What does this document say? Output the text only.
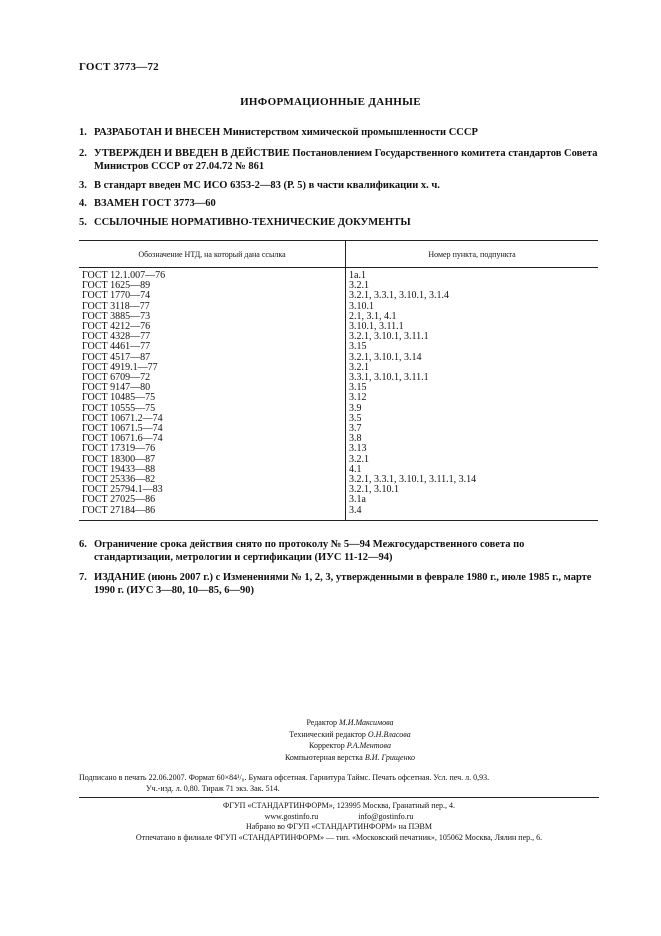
ГОСТ 3773—72
ИНФОРМАЦИОННЫЕ ДАННЫЕ
1. РАЗРАБОТАН И ВНЕСЕН Министерством химической промышленности СССР
2. УТВЕРЖДЕН И ВВЕДЕН В ДЕЙСТВИЕ Постановлением Государственного комитета стандартов Совета Министров СССР от 27.04.72 № 861
3. В стандарт введен МС ИСО 6353-2—83 (Р. 5) в части квалификации х. ч.
4. ВЗАМЕН ГОСТ 3773—60
5. ССЫЛОЧНЫЕ НОРМАТИВНО-ТЕХНИЧЕСКИЕ ДОКУМЕНТЫ
Обозначение НТД, на который дана ссылка	Номер пункта, подпункта
ГОСТ 12.1.007—76	1а.1
ГОСТ 1625—89	3.2.1
ГОСТ 1770—74	3.2.1, 3.3.1, 3.10.1, 3.1.4
ГОСТ 3118—77	3.10.1
ГОСТ 3885—73	2.1, 3.1, 4.1
ГОСТ 4212—76	3.10.1, 3.11.1
ГОСТ 4328—77	3.2.1, 3.10.1, 3.11.1
ГОСТ 4461—77	3.15
ГОСТ 4517—87	3.2.1, 3.10.1, 3.14
ГОСТ 4919.1—77	3.2.1
ГОСТ 6709—72	3.3.1, 3.10.1, 3.11.1
ГОСТ 9147—80	3.15
ГОСТ 10485—75	3.12
ГОСТ 10555—75	3.9
ГОСТ 10671.2—74	3.5
ГОСТ 10671.5—74	3.7
ГОСТ 10671.6—74	3.8
ГОСТ 17319—76	3.13
ГОСТ 18300—87	3.2.1
ГОСТ 19433—88	4.1
ГОСТ 25336—82	3.2.1, 3.3.1, 3.10.1, 3.11.1, 3.14
ГОСТ 25794.1—83	3.2.1, 3.10.1
ГОСТ 27025—86	3.1а
ГОСТ 27184—86	3.4

6. Ограничение срока действия снято по протоколу № 5—94 Межгосударственного совета по стандартизации, метрологии и сертификации (ИУС 11-12—94)
7. ИЗДАНИЕ (июнь 2007 г.) с Изменениями № 1, 2, 3, утвержденными в феврале 1980 г., июле 1985 г., марте 1990 г. (ИУС 3—80, 10—85, 6—90)
Редактор М.И.Максимова
Технический редактор О.Н.Власова
Корректор Р.А.Ментова
Компьютерная верстка В.И. Грищенко
Подписано в печать 22.06.2007. Формат 60×84¹/₈. Бумага офсетная. Гарнитура Таймс. Печать офсетная. Усл. печ. л. 0,93.
Уч.-изд. л. 0,80. Тираж 71 экз. Зак. 514.
ФГУП «СТАНДАРТИНФОРМ», 123995 Москва, Гранатный пер., 4.
www.gostinfo.ru	info@gostinfo.ru
Набрано во ФГУП «СТАНДАРТИНФОРМ» на ПЭВМ
Отпечатано в филиале ФГУП «СТАНДАРТИНФОРМ» — тип. «Московский печатник», 105062 Москва, Лялин пер., 6.
